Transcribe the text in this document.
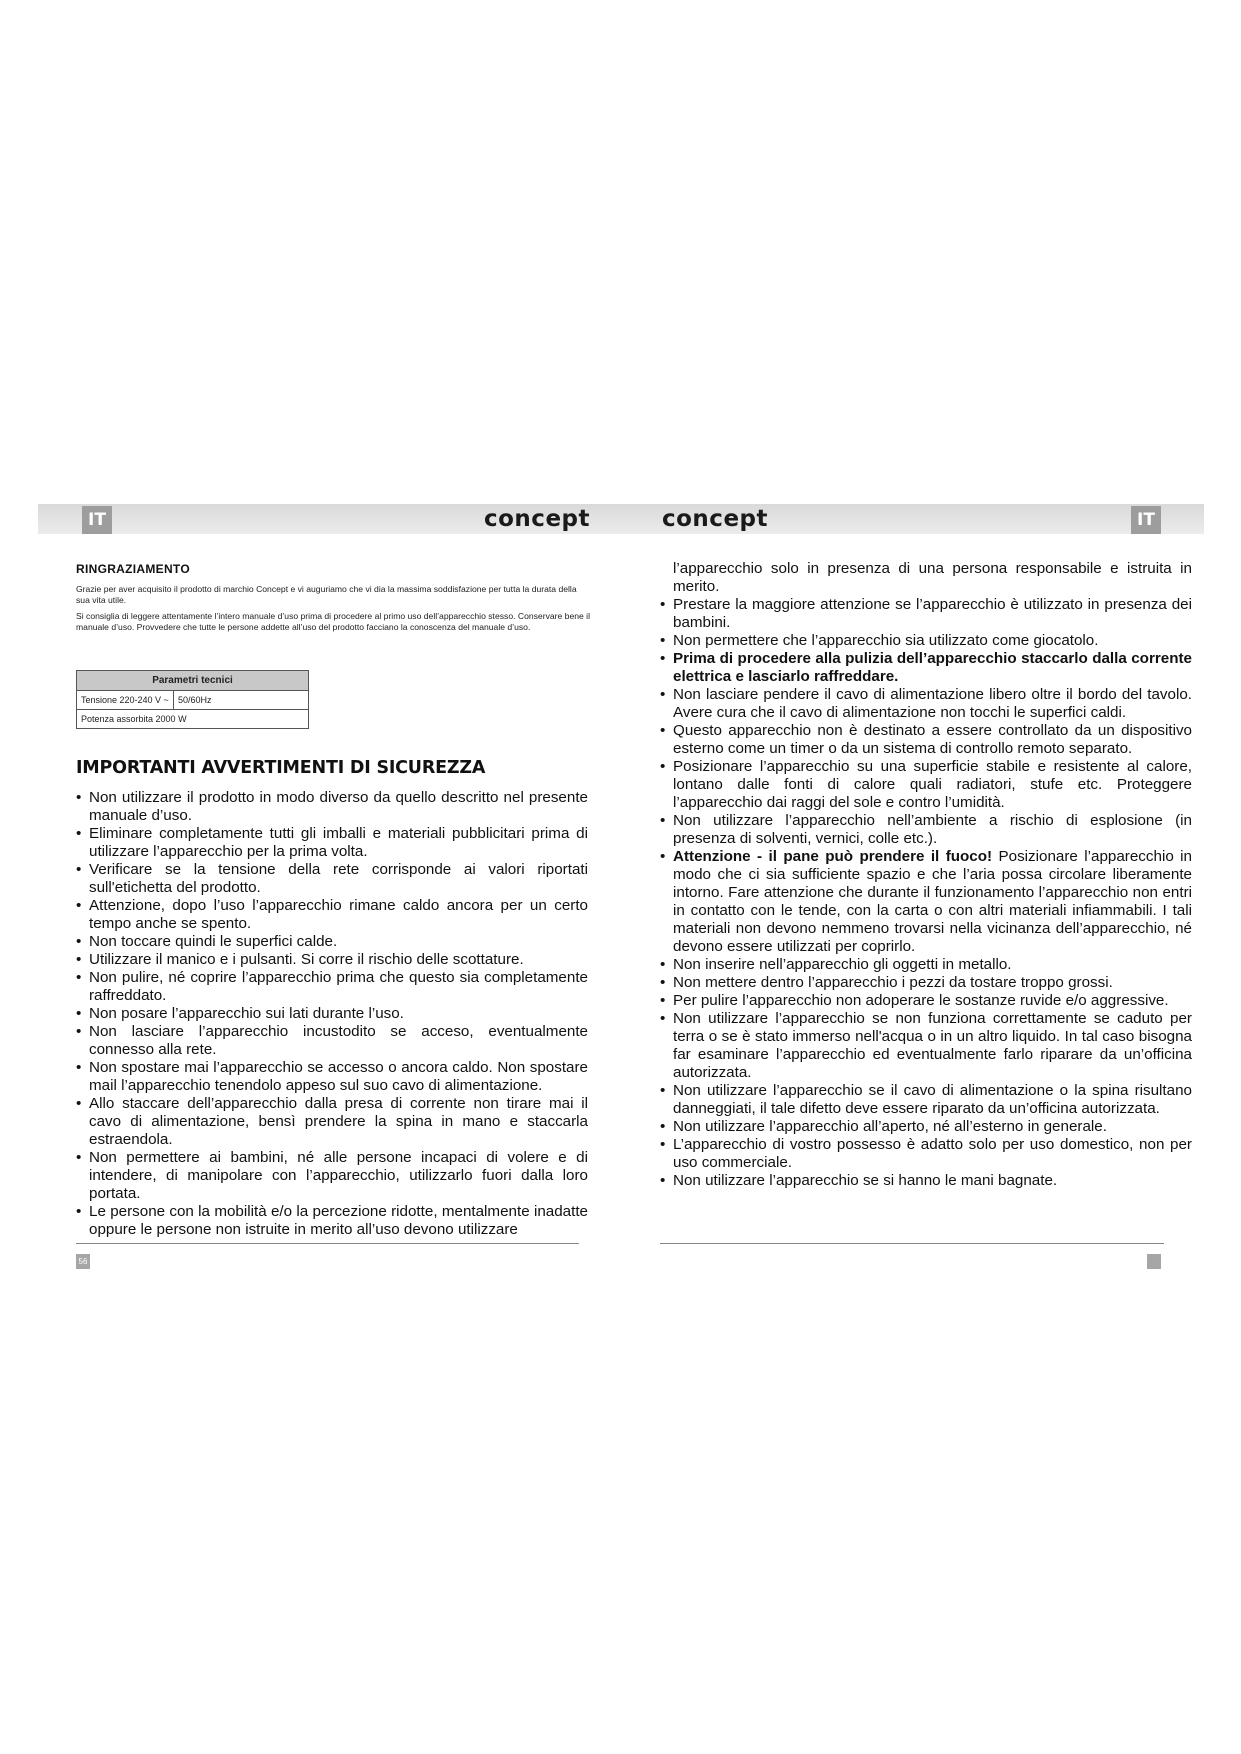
IT	concept
RINGRAZIAMENTO

Grazie per aver acquisito il prodotto di marchio Concept e vi auguriamo che vi dia la massima soddisfazione per tutta la durata della sua vita utile.

Si consiglia di leggere attentamente l’intero manuale d’uso prima di procedere al primo uso dell’apparecchio stesso. Conservare bene il manuale d’uso. Provvedere che tutte le persone addette all’uso del prodotto facciano la conoscenza del manuale d’uso.

Parametri tecnici
Tensione 220-240 V ~	50/60Hz
Potenza assorbita 2000 W
IMPORTANTI AVVERTIMENTI DI SICUREZZA
• Non utilizzare il prodotto in modo diverso da quello descritto nel presente manuale d’uso.
• Eliminare completamente tutti gli imballi e materiali pubblicitari prima di utilizzare l’apparecchio per la prima volta.
• Verificare se la tensione della rete corrisponde ai valori riportati sull'etichetta del prodotto.
• Attenzione, dopo l’uso l’apparecchio rimane caldo ancora per un certo tempo anche se spento.
• Non toccare quindi le superfici calde.
• Utilizzare il manico e i pulsanti. Si corre il rischio delle scottature.
• Non pulire, né coprire l’apparecchio prima che questo sia completamente raffreddato.
• Non posare l’apparecchio sui lati durante l’uso.
• Non lasciare l’apparecchio incustodito se acceso, eventualmente connesso alla rete.
• Non spostare mai l’apparecchio se accesso o ancora caldo. Non spostare mail l’apparecchio tenendolo appeso sul suo cavo di alimentazione.
• Allo staccare dell’apparecchio dalla presa di corrente non tirare mai il cavo di alimentazione, bensì prendere la spina in mano e staccarla estraendola.
• Non permettere ai bambini, né alle persone incapaci di volere e di intendere, di manipolare con l’apparecchio, utilizzarlo fuori dalla loro portata.
• Le persone con la mobilità e/o la percezione ridotte, mentalmente inadatte oppure le persone non istruite in merito all’uso devono utilizzare
56
concept	IT
l’apparecchio solo in presenza di una persona responsabile e istruita in merito.
• Prestare la maggiore attenzione se l’apparecchio è utilizzato in presenza dei bambini.
• Non permettere che l’apparecchio sia utilizzato come giocatolo.
• Prima di procedere alla pulizia dell’apparecchio staccarlo dalla corrente elettrica e lasciarlo raffreddare.
• Non lasciare pendere il cavo di alimentazione libero oltre il bordo del tavolo. Avere cura che il cavo di alimentazione non tocchi le superfici caldi.
• Questo apparecchio non è destinato a essere controllato da un dispositivo esterno come un timer o da un sistema di controllo remoto separato.
• Posizionare l’apparecchio su una superficie stabile e resistente al calore, lontano dalle fonti di calore quali radiatori, stufe etc. Proteggere l’apparecchio dai raggi del sole e contro l’umidità.
• Non utilizzare l’apparecchio nell’ambiente a rischio di esplosione (in presenza di solventi, vernici, colle etc.).
• Attenzione - il pane può prendere il fuoco! Posizionare l’apparecchio in modo che ci sia sufficiente spazio e che l’aria possa circolare liberamente intorno. Fare attenzione che durante il funzionamento l’apparecchio non entri in contatto con le tende, con la carta o con altri materiali infiammabili. I tali materiali non devono nemmeno trovarsi nella vicinanza dell’apparecchio, né devono essere utilizzati per coprirlo.
• Non inserire nell’apparecchio gli oggetti in metallo.
• Non mettere dentro l’apparecchio i pezzi da tostare troppo grossi.
• Per pulire l’apparecchio non adoperare le sostanze ruvide e/o aggressive.
• Non utilizzare l’apparecchio se non funziona correttamente se caduto per terra o se è stato immerso nell'acqua o in un altro liquido. In tal caso bisogna far esaminare l’apparecchio ed eventualmente farlo riparare da un’officina autorizzata.
• Non utilizzare l’apparecchio se il cavo di alimentazione o la spina risultano danneggiati, il tale difetto deve essere riparato da un’officina autorizzata.
• Non utilizzare l’apparecchio all’aperto, né all’esterno in generale.
• L’apparecchio di vostro possesso è adatto solo per uso domestico, non per uso commerciale.
• Non utilizzare l’apparecchio se si hanno le mani bagnate.
